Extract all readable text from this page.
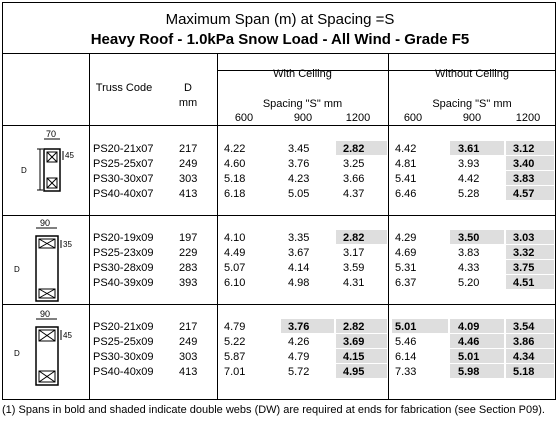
Maximum Span (m) at Spacing =S
Heavy Roof - 1.0kPa Snow Load - All Wind - Grade F5
Truss Code	D
mm
With Ceiling	Without Ceiling
Spacing "S" mm	Spacing "S" mm
600	900	1200	600	900	1200
70
D
45
90
D
35
90
D
45
PS20-21x07 217 4.22	3.45	2.82	4.42	3.61	3.12
PS25-25x07 249 4.60	3.76	3.25	4.81	3.93	3.40
PS30-30x07 303 5.18	4.23	3.66	5.41	4.42	3.83
PS40-40x07 413 6.18	5.05	4.37	6.46	5.28	4.57
PS20-19x09 197 4.10	3.35	2.82	4.29	3.50	3.03
PS25-23x09 229 4.49	3.67	3.17	4.69	3.83	3.32
PS30-28x09 283 5.07	4.14	3.59	5.31	4.33	3.75
PS40-39x09 393 6.10	4.98	4.31	6.37	5.20	4.51
PS20-21x09 217 4.79	3.76	2.82	5.01	4.09	3.54
PS25-25x09 249 5.22	4.26	3.69	5.46	4.46	3.86
PS30-30x09 303 5.87	4.79	4.15	6.14	5.01	4.34
PS40-40x09 413 7.01	5.72	4.95	7.33	5.98	5.18
(1) Spans in bold and shaded indicate double webs (DW) are required at ends for fabrication (see Section P09).
